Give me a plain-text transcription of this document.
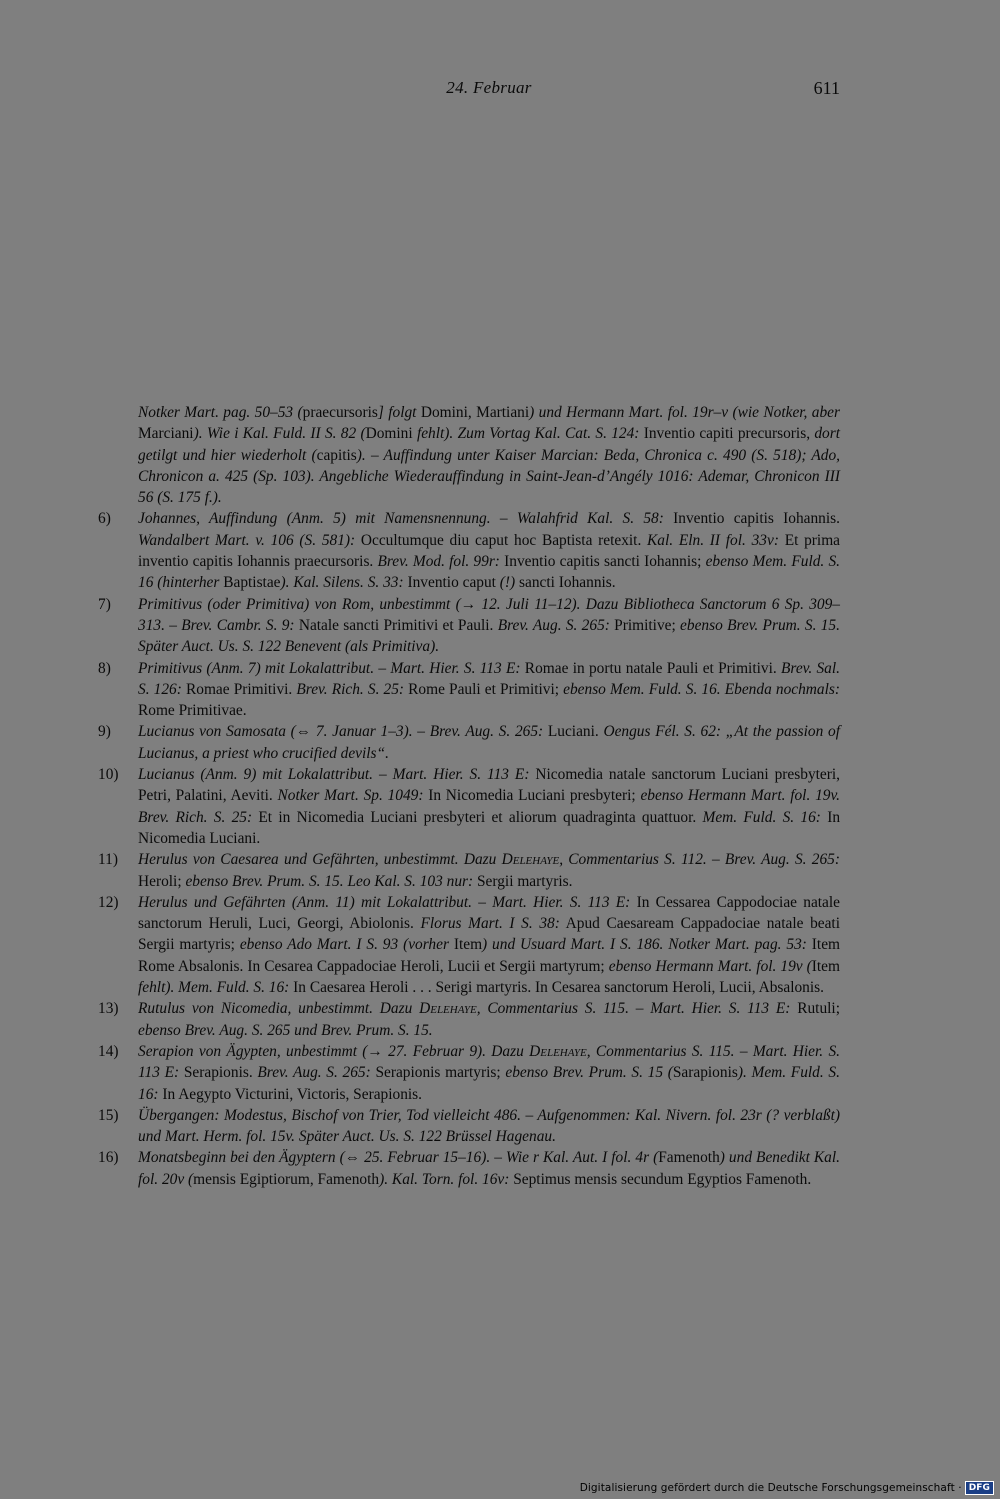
24. Februar	611
Notker Mart. pag. 50–53 (praecursoris] folgt Domini, Martiani) und Hermann Mart. fol. 19r–v (wie Notker, aber Marciani). Wie i Kal. Fuld. II S. 82 (Domini fehlt). Zum Vortag Kal. Cat. S. 124: Inventio capiti precursoris, dort getilgt und hier wiederholt (capitis). – Auffindung unter Kaiser Marcian: Beda, Chronica c. 490 (S. 518); Ado, Chronicon a. 425 (Sp. 103). Angebliche Wiederauffindung in Saint-Jean-d’Angély 1016: Ademar, Chronicon III 56 (S. 175 f.).
6)	Johannes, Auffindung (Anm. 5) mit Namensnennung. – Walahfrid Kal. S. 58: Inventio capitis Iohannis. Wandalbert Mart. v. 106 (S. 581): Occultumque diu caput hoc Baptista retexit. Kal. Eln. II fol. 33v: Et prima inventio capitis Iohannis praecursoris. Brev. Mod. fol. 99r: Inventio capitis sancti Iohannis; ebenso Mem. Fuld. S. 16 (hinterher Baptistae). Kal. Silens. S. 33: Inventio caput (!) sancti Iohannis.
7)	Primitivus (oder Primitiva) von Rom, unbestimmt (→ 12. Juli 11–12). Dazu Bibliotheca Sanctorum 6 Sp. 309–313. – Brev. Cambr. S. 9: Natale sancti Primitivi et Pauli. Brev. Aug. S. 265: Primitive; ebenso Brev. Prum. S. 15. Später Auct. Us. S. 122 Benevent (als Primitiva).
8)	Primitivus (Anm. 7) mit Lokalattribut. – Mart. Hier. S. 113 E: Romae in portu natale Pauli et Primitivi. Brev. Sal. S. 126: Romae Primitivi. Brev. Rich. S. 25: Rome Pauli et Primitivi; ebenso Mem. Fuld. S. 16. Ebenda nochmals: Rome Primitivae.
9)	Lucianus von Samosata (⇔ 7. Januar 1–3). – Brev. Aug. S. 265: Luciani. Oengus Fél. S. 62: „At the passion of Lucianus, a priest who crucified devils“.
10)	Lucianus (Anm. 9) mit Lokalattribut. – Mart. Hier. S. 113 E: Nicomedia natale sanctorum Luciani presbyteri, Petri, Palatini, Aeviti. Notker Mart. Sp. 1049: In Nicomedia Luciani presbyteri; ebenso Hermann Mart. fol. 19v. Brev. Rich. S. 25: Et in Nicomedia Luciani presbyteri et aliorum quadraginta quattuor. Mem. Fuld. S. 16: In Nicomedia Luciani.
11)	Herulus von Caesarea und Gefährten, unbestimmt. Dazu Delehaye, Commentarius S. 112. – Brev. Aug. S. 265: Heroli; ebenso Brev. Prum. S. 15. Leo Kal. S. 103 nur: Sergii martyris.
12)	Herulus und Gefährten (Anm. 11) mit Lokalattribut. – Mart. Hier. S. 113 E: In Cessarea Cappodociae natale sanctorum Heruli, Luci, Georgi, Abiolonis. Florus Mart. I S. 38: Apud Caesaream Cappadociae natale beati Sergii martyris; ebenso Ado Mart. I S. 93 (vorher Item) und Usuard Mart. I S. 186. Notker Mart. pag. 53: Item Rome Absalonis. In Cesarea Cappadociae Heroli, Lucii et Sergii martyrum; ebenso Hermann Mart. fol. 19v (Item fehlt). Mem. Fuld. S. 16: In Caesarea Heroli . . . Serigi martyris. In Cesarea sanctorum Heroli, Lucii, Absalonis.
13)	Rutulus von Nicomedia, unbestimmt. Dazu Delehaye, Commentarius S. 115. – Mart. Hier. S. 113 E: Rutuli; ebenso Brev. Aug. S. 265 und Brev. Prum. S. 15.
14)	Serapion von Ägypten, unbestimmt (→ 27. Februar 9). Dazu Delehaye, Commentarius S. 115. – Mart. Hier. S. 113 E: Serapionis. Brev. Aug. S. 265: Serapionis martyris; ebenso Brev. Prum. S. 15 (Sarapionis). Mem. Fuld. S. 16: In Aegypto Victurini, Victoris, Serapionis.
15)	Übergangen: Modestus, Bischof von Trier, Tod vielleicht 486. – Aufgenommen: Kal. Nivern. fol. 23r (? verblaßt) und Mart. Herm. fol. 15v. Später Auct. Us. S. 122 Brüssel Hagenau.
16)	Monatsbeginn bei den Ägyptern (⇔ 25. Februar 15–16). – Wie r Kal. Aut. I fol. 4r (Famenoth) und Benedikt Kal. fol. 20v (mensis Egiptiorum, Famenoth). Kal. Torn. fol. 16v: Septimus mensis secundum Egyptios Famenoth.
Digitalisierung gefördert durch die Deutsche Forschungsgemeinschaft · DFG
